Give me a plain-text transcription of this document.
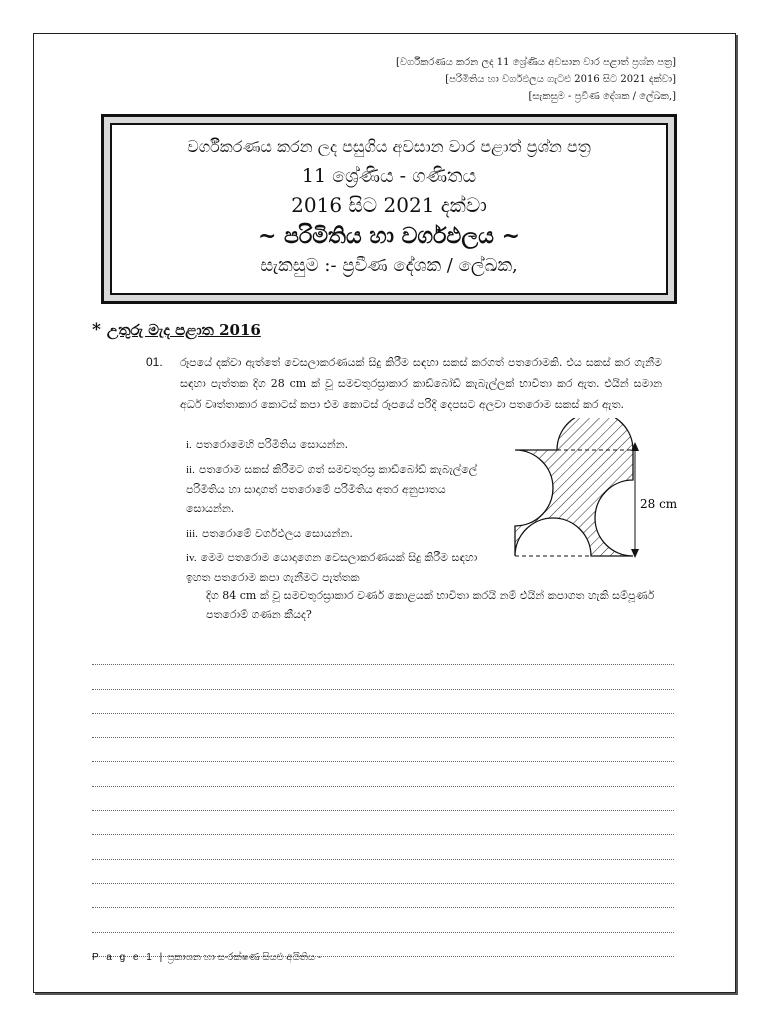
[වර්ගීකරණය කරන ලද 11 ශ්‍රේණිය අවසාන වාර පළාත් ප්‍රශ්න පත්‍ර]
[පරිමිතිය හා වර්ගඵලය ගැටළු 2016 සිට 2021 දක්වා]
[සැකසුම - ප්‍රවීණ දේශක / ලේඛක,]
වර්ගීකරණය කරන ලද පසුගිය අවසාන වාර පළාත් ප්‍රශ්න පත්‍ර
11 ශ්‍රේණිය - ගණිතය
2016 සිට 2021 දක්වා
~ පරිමිතිය හා වර්ගඵලය ~
සැකසුම :- ප්‍රවීණ දේශක / ලේඛක,
* උතුරු මැද පළාත 2016
01. රූපයේ දක්වා ඇත්තේ වෙසලාකරණයක් සිදු කිරීම සඳහා සකස් කරගත් පතරොමකි. එය සකස් කර ගැනීම සඳහා පැත්තක දිග 28 cm ක් වූ සමචතුරස්‍රාකාර කාඩ්බෝඩ් කැබැල්ලක් භාවිතා කර ඇත. එයින් සමාන අර්ධ වෘත්තාකාර කොටස් කපා එම කොටස් රූපයේ පරිදි දෙපසට අලවා පතරොම සකස් කර ඇත.
i. පතරොමෙහි පරිමිතිය සොයන්න.
ii. පතරොම සකස් කිරීමට ගත් සමචතුරස්‍ර කාඩ්බෝඩ් කැබැල්ලේ පරිමිතිය හා සාදාගත් පතරොමේ පරිමිතිය අතර අනුපාතය සොයන්න.
iii. පතරොමේ වර්ගඵලය සොයන්න.
iv. මෙම පතරොම යොදාගෙන වෙසලාකරණයක් සිදු කිරීම සඳහා ඉහත පතරොම කපා ගැනීමට පැත්තක
දිග 84 cm ක් වූ සමචතුරස්‍රාකාර වර්ණ කොළයක් භාවිතා කරයි නම් එයින් කපාගත හැකි සම්පූර්ණ පතරොම් ගණන කීයද?
28 cm
P a g e 1 | ප්‍රකාශන හා සංරක්ෂණ සියළු අයිතිය -
